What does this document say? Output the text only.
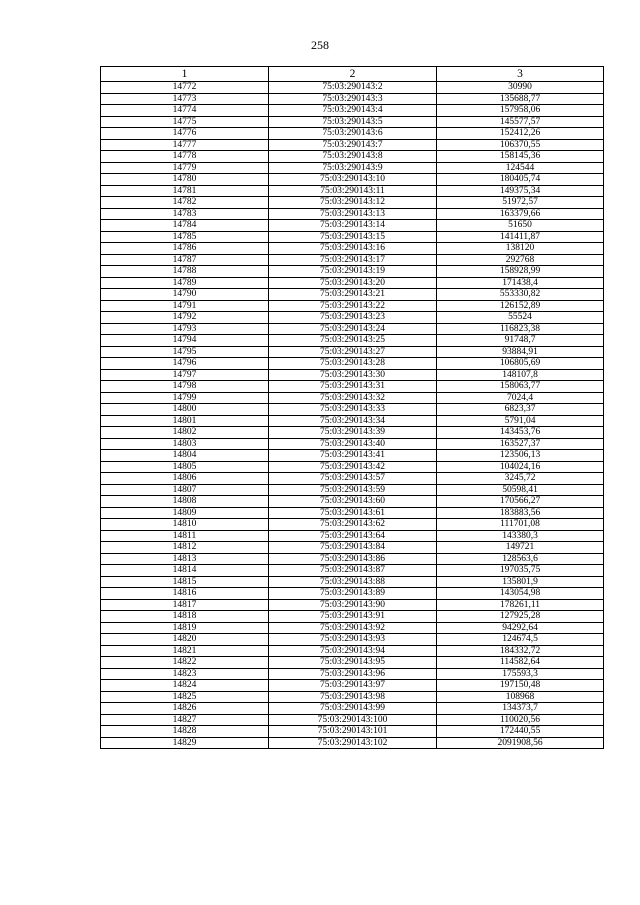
258
1	2	3
14772	75:03:290143:2	30990
14773	75:03:290143:3	135688,77
14774	75:03:290143:4	157958,06
14775	75:03:290143:5	145577,57
14776	75:03:290143:6	152412,26
14777	75:03:290143:7	106370,55
14778	75:03:290143:8	158145,36
14779	75:03:290143:9	124544
14780	75:03:290143:10	180405,74
14781	75:03:290143:11	149375,34
14782	75:03:290143:12	51972,57
14783	75:03:290143:13	163379,66
14784	75:03:290143:14	51650
14785	75:03:290143:15	141411,87
14786	75:03:290143:16	138120
14787	75:03:290143:17	292768
14788	75:03:290143:19	158928,99
14789	75:03:290143:20	171438,4
14790	75:03:290143:21	553330,82
14791	75:03:290143:22	126152,89
14792	75:03:290143:23	55524
14793	75:03:290143:24	116823,38
14794	75:03:290143:25	91748,7
14795	75:03:290143:27	93884,91
14796	75:03:290143:28	106805,69
14797	75:03:290143:30	148107,8
14798	75:03:290143:31	158063,77
14799	75:03:290143:32	7024,4
14800	75:03:290143:33	6823,37
14801	75:03:290143:34	5791,04
14802	75:03:290143:39	143453,76
14803	75:03:290143:40	163527,37
14804	75:03:290143:41	123506,13
14805	75:03:290143:42	104024,16
14806	75:03:290143:57	3245,72
14807	75:03:290143:59	50598,41
14808	75:03:290143:60	170566,27
14809	75:03:290143:61	183883,56
14810	75:03:290143:62	111701,08
14811	75:03:290143:64	143380,3
14812	75:03:290143:84	149721
14813	75:03:290143:86	128563,6
14814	75:03:290143:87	197035,75
14815	75:03:290143:88	135801,9
14816	75:03:290143:89	143054,98
14817	75:03:290143:90	178261,11
14818	75:03:290143:91	127925,28
14819	75:03:290143:92	94292,64
14820	75:03:290143:93	124674,5
14821	75:03:290143:94	184332,72
14822	75:03:290143:95	114582,64
14823	75:03:290143:96	175593,3
14824	75:03:290143:97	197150,48
14825	75:03:290143:98	108968
14826	75:03:290143:99	134373,7
14827	75:03:290143:100	110020,56
14828	75:03:290143:101	172440,55
14829	75:03:290143:102	2091908,56
